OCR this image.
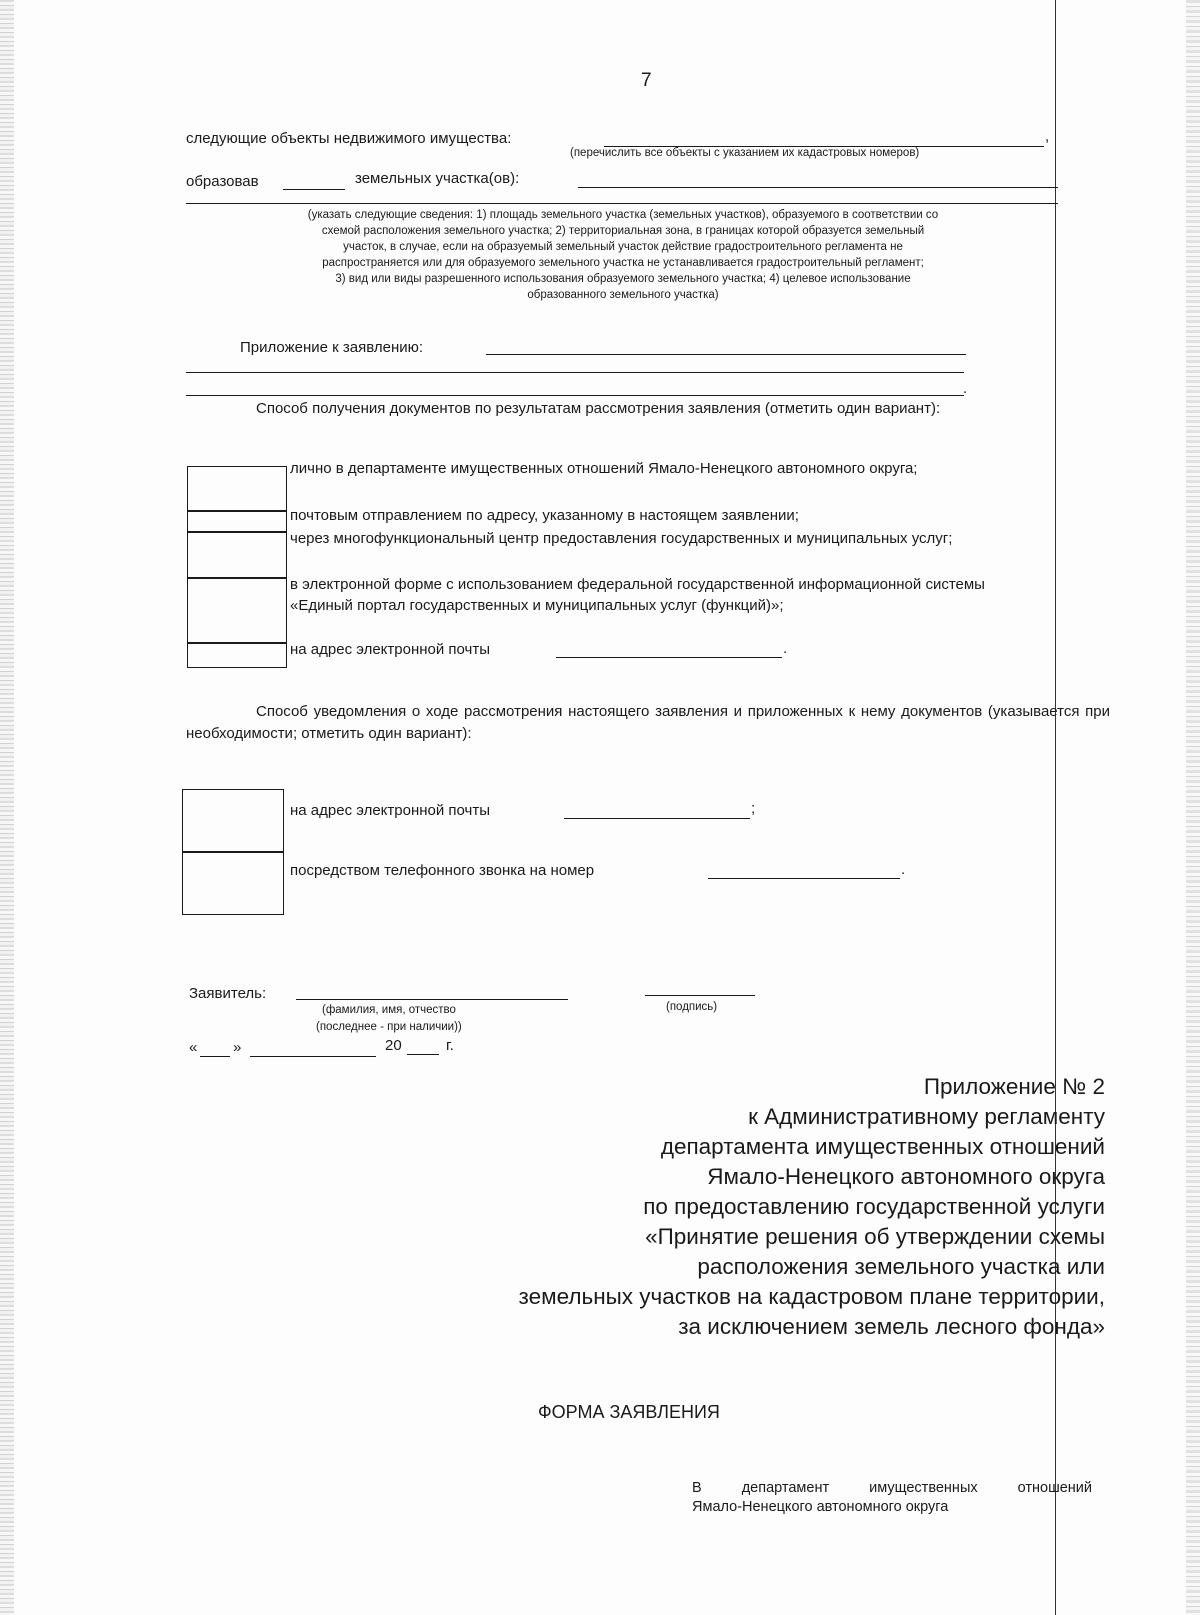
7
следующие объекты недвижимого имущества:	,
(перечислить все объекты с указанием их кадастровых номеров)
образовав	земельных участка(ов):
(указать следующие сведения: 1) площадь земельного участка (земельных участков), образуемого в соответствии со
схемой расположения земельного участка; 2) территориальная зона, в границах которой образуется земельный
участок, в случае, если на образуемый земельный участок действие градостроительного регламента не
распространяется или для образуемого земельного участка не устанавливается градостроительный регламент;
3) вид или виды разрешенного использования образуемого земельного участка; 4) целевое использование
образованного земельного участка)
Приложение к заявлению:
.
Способ получения документов по результатам рассмотрения заявления (отметить один вариант):
лично в департаменте имущественных отношений Ямало-Ненецкого автономного округа;
почтовым отправлением по адресу, указанному в настоящем заявлении;
через многофункциональный центр предоставления государственных и муниципальных услуг;
в электронной форме с использованием федеральной государственной информационной системы «Единый портал государственных и муниципальных услуг (функций)»;
на адрес электронной почты	.
Способ уведомления о ходе рассмотрения настоящего заявления и приложенных к нему документов (указывается при необходимости; отметить один вариант):
на адрес электронной почты	;
посредством телефонного звонка на номер	.
Заявитель:
(фамилия, имя, отчество
(последнее - при наличии))
(подпись)
« »	20	г.
Приложение № 2
к Административному регламенту
департамента имущественных отношений
Ямало-Ненецкого автономного округа
по предоставлению государственной услуги
«Принятие решения об утверждении схемы
расположения земельного участка или
земельных участков на кадастровом плане территории,
за исключением земель лесного фонда»
ФОРМА ЗАЯВЛЕНИЯ
В департамент имущественных отношений
Ямало-Ненецкого автономного округа
